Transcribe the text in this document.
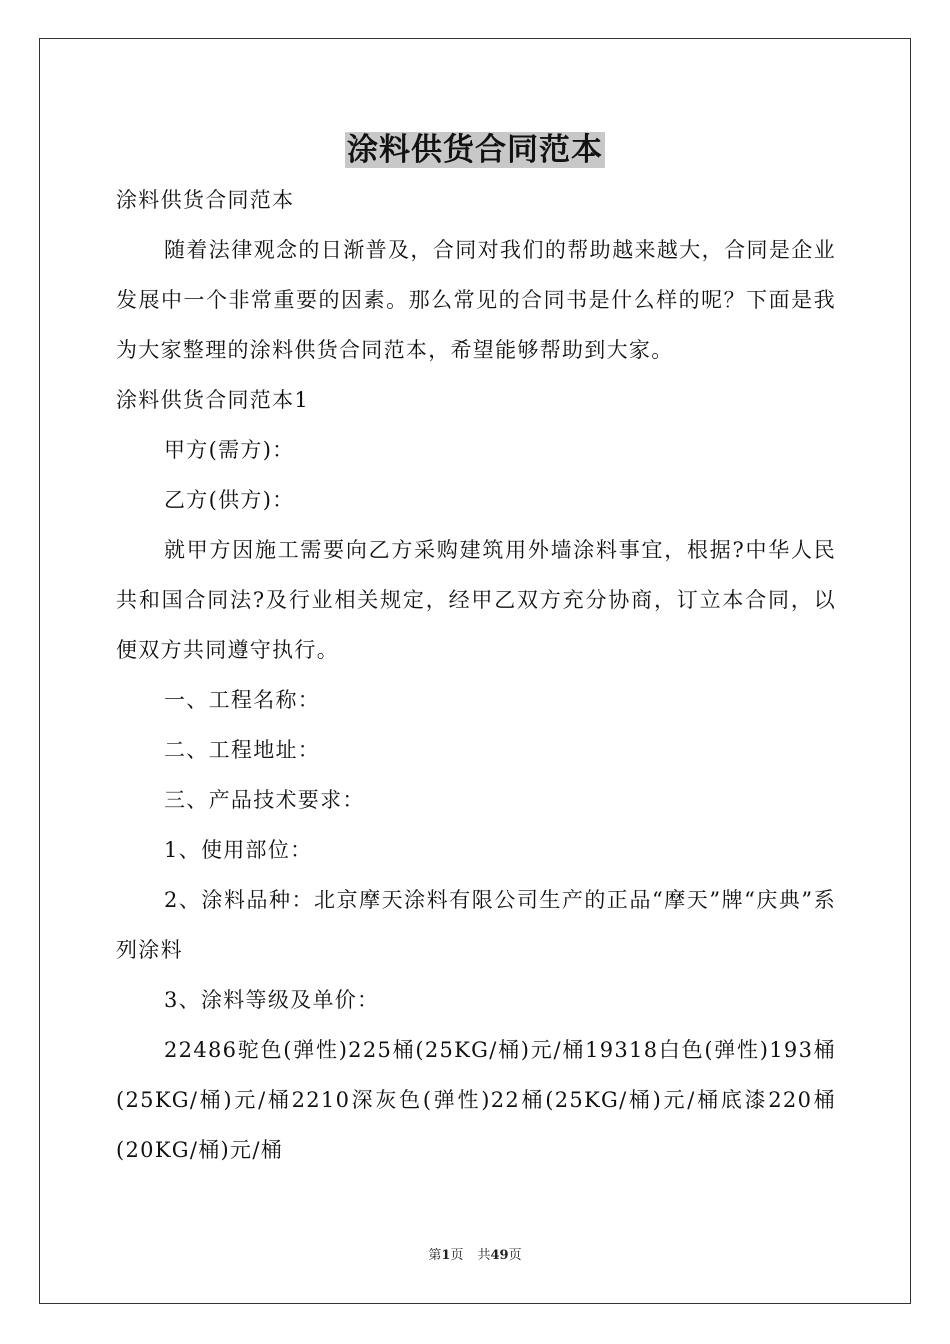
涂料供货合同范本

涂料供货合同范本

随着法律观念的日渐普及，合同对我们的帮助越来越大，合同是企业发展中一个非常重要的因素。那么常见的合同书是什么样的呢？下面是我为大家整理的涂料供货合同范本，希望能够帮助到大家。

涂料供货合同范本1

甲方(需方)：

乙方(供方)：

就甲方因施工需要向乙方采购建筑用外墙涂料事宜，根据?中华人民共和国合同法?及行业相关规定，经甲乙双方充分协商，订立本合同，以便双方共同遵守执行。

一、工程名称：

二、工程地址：

三、产品技术要求：

1、使用部位：

2、涂料品种：北京摩天涂料有限公司生产的正品“摩天”牌“庆典”系列涂料

3、涂料等级及单价：

22486驼色(弹性)225桶(25KG/桶)元/桶19318白色(弹性)193桶(25KG/桶)元/桶2210深灰色(弹性)22桶(25KG/桶)元/桶底漆220桶(20KG/桶)元/桶

第1页 共49页
